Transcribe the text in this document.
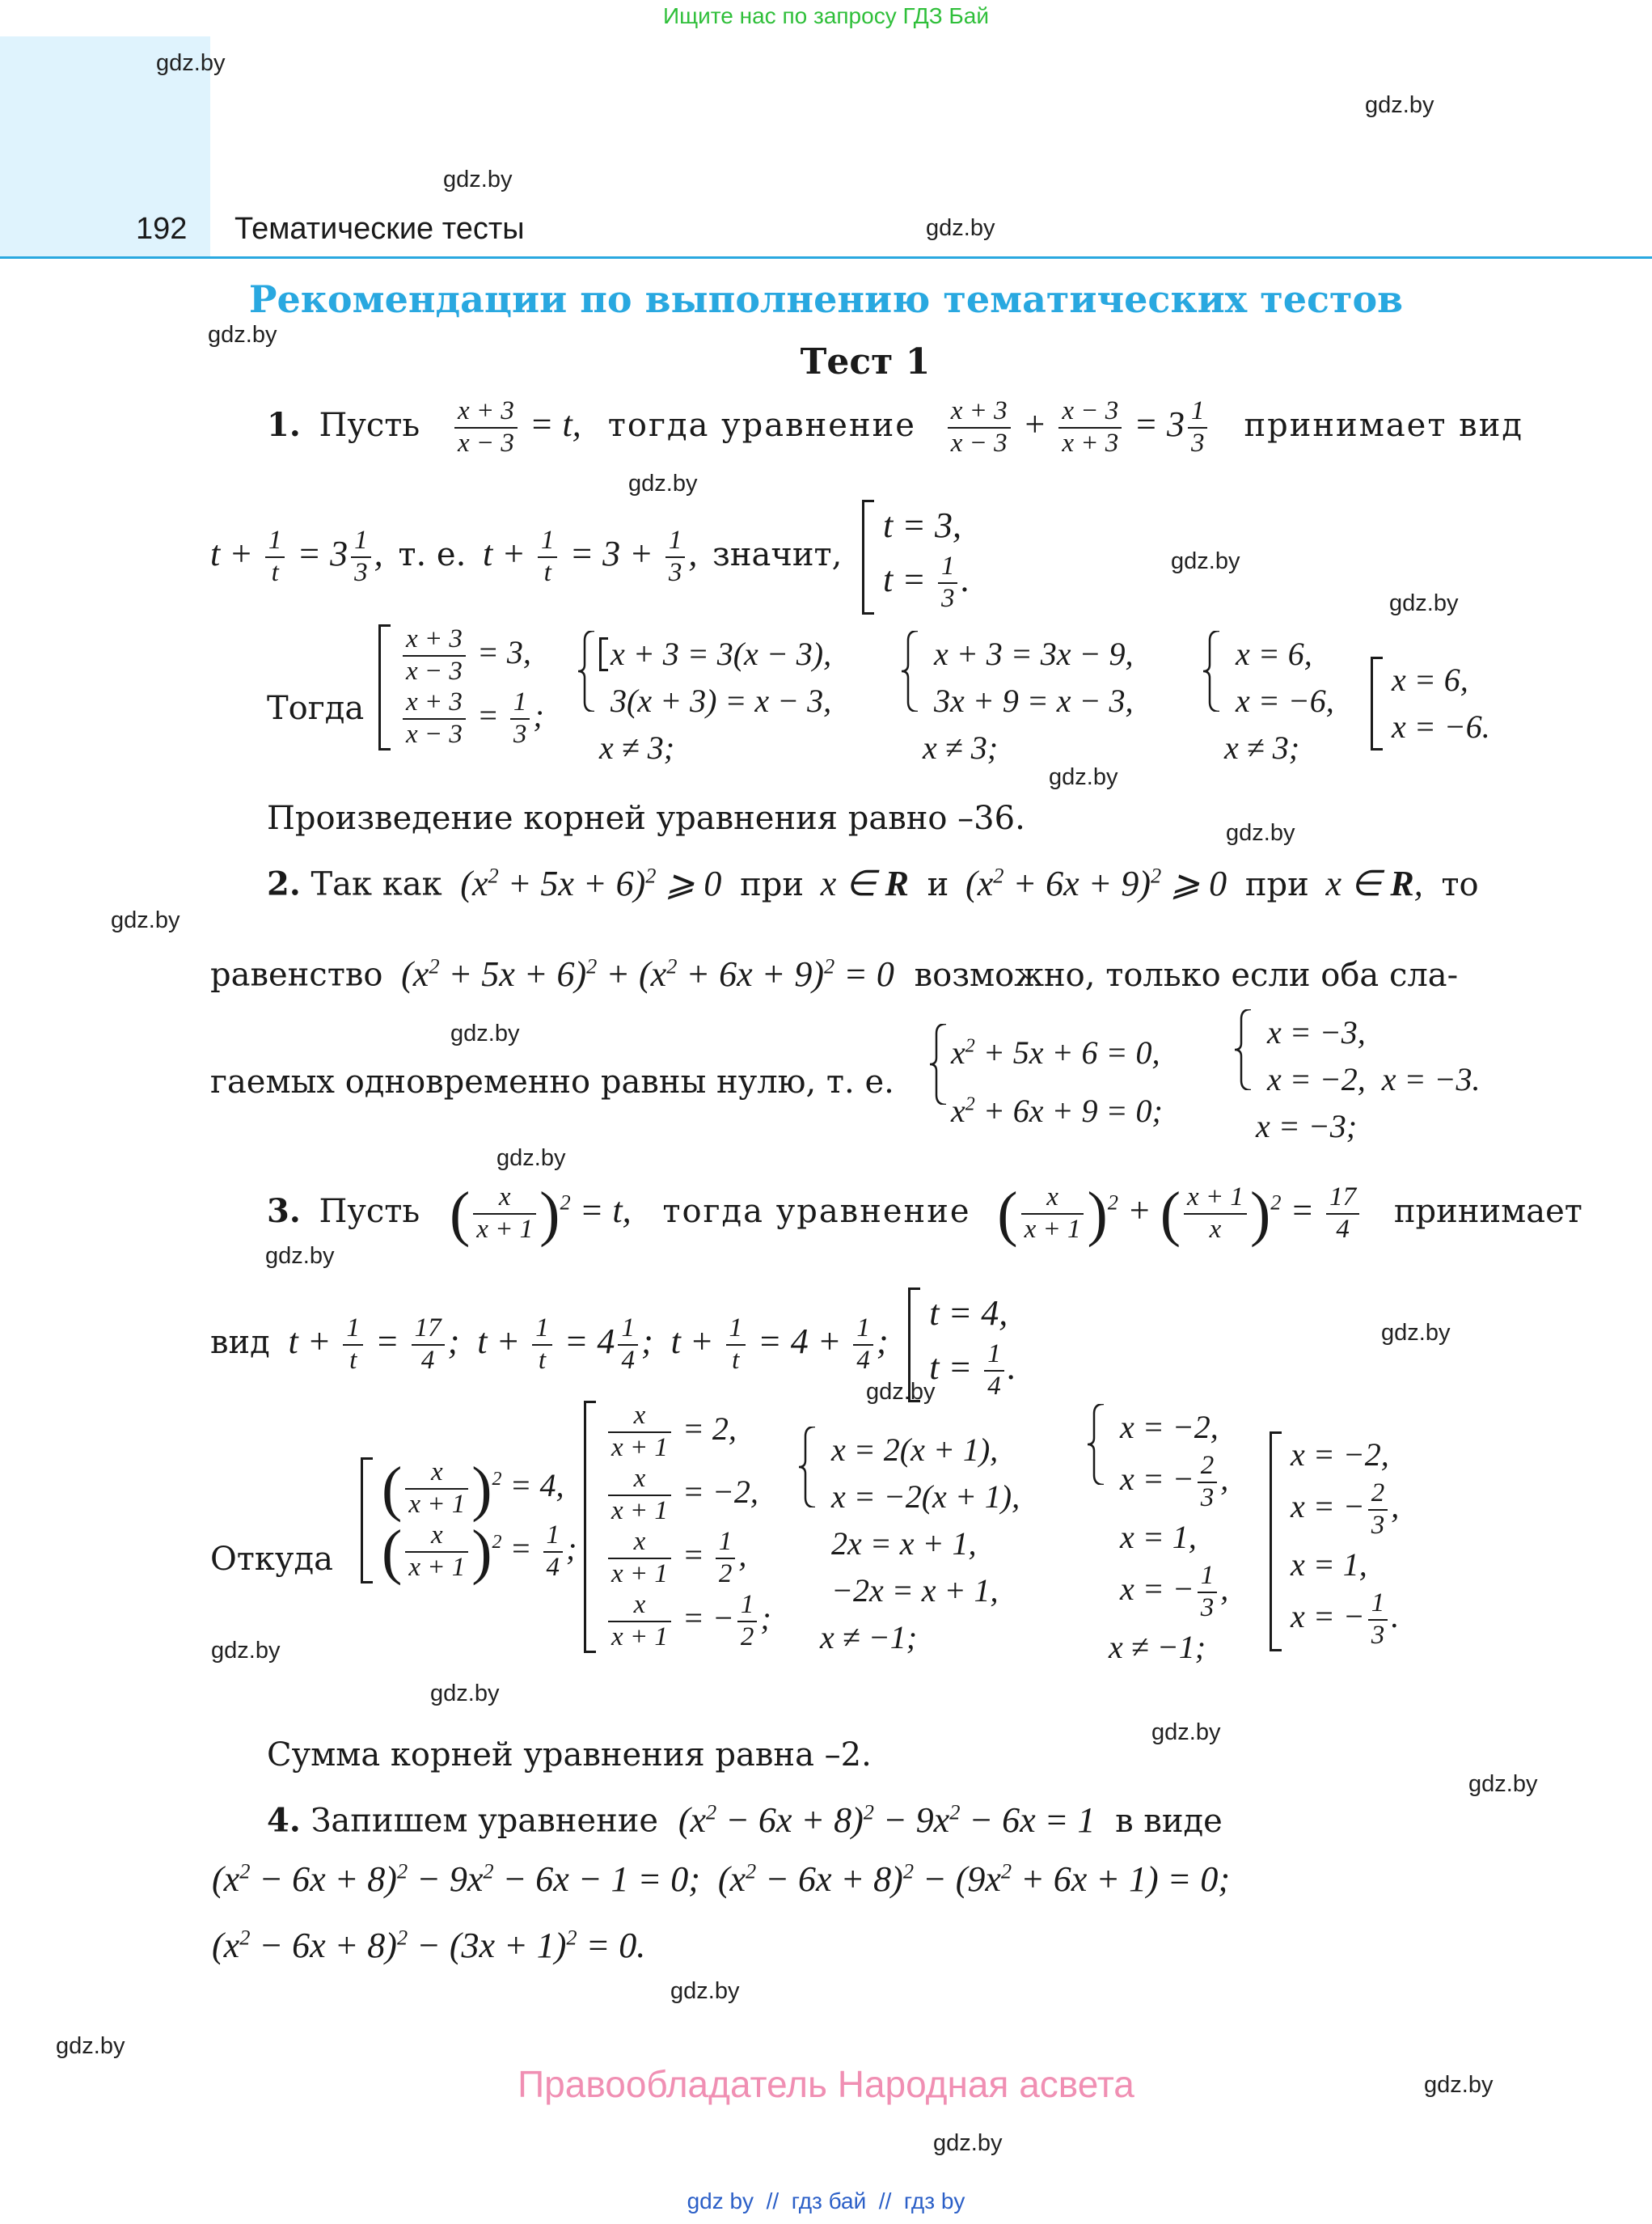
Ищите нас по запросу ГДЗ Бай
192 Тематические тесты
gdz.by
gdz.by
gdz.by
gdz.by
gdz.by
gdz.by
gdz.by
gdz.by
gdz.by
gdz.by
gdz.by
gdz.by
gdz.by
gdz.by
gdz.by
gdz.by
gdz.by
gdz.by
gdz.by
gdz.by
gdz.by
gdz.by
gdz.by
gdz.by
Рекомендации по выполнению тематических тестов
Тест 1
1. Пусть $\frac{x + 3}{x - 3} = t$, тогда уравнение $\frac{x + 3}{x - 3} + \frac{x - 3}{x + 3} = 3 \frac{1}{3}$ принимает вид
$t + \frac{1}{t} = 3 \frac{1}{3}$ , т. е. $t + \frac{1}{t} = 3 + \frac{1}{3}$ , значит,
t = 3,
$t = \frac{1}{3}$ .
Тогда
$\frac{x + 3}{x - 3} = 3$,
$\frac{x + 3}{x - 3} = \frac{1}{3}$ ;
x + 3 = 3(x − 3),
3(x + 3) = x − 3,
x ≠ 3;
x + 3 = 3x − 9,
3x + 9 = x − 3,
x ≠ 3;
x = 6,
x = −6,
x ≠ 3;
x = 6,
x = −6.
Произведение корней уравнения равно –36.
2. Так как $(x^2 + 5x + 6)^2$ ⩾ 0 при x ∈ R и $(x^2 + 6x + 9)^2$ ⩾ 0 при x ∈ R, то
равенство $(x^2 + 5x + 6)^2 + (x^2 + 6x + 9)^2 = 0$ возможно, только если оба сла-
гаемых одновременно равны нулю, т. е.
$x^2 + 5x + 6 = 0$,
$x^2 + 6x + 9 = 0$;
x = −3,
x = −2,  x = −3.
x = −3;
3. Пусть ( $\frac{x}{x + 1} )^2 = t$, тогда уравнение ( $\frac{x}{x + 1} )^2$ + ( $\frac{x + 1}{x} )^2 = \frac{17}{4}$ принимает
вид $t + \frac{1}{t} = \frac{17}{4}$ ;  $t + \frac{1}{t} = 4 \frac{1}{4}$ ;  $t + \frac{1}{t} = 4 + \frac{1}{4}$ ;
t = 4,
$t = \frac{1}{4}$ .
Откуда
( $\frac{x}{x + 1} )^2 = 4$,
( $\frac{x}{x + 1} )^2 = \frac{1}{4}$ ;
$\frac{x}{x + 1} = 2$,
$\frac{x}{x + 1} = -2$,
$\frac{x}{x + 1} = \frac{1}{2}$ ,
$\frac{x}{x + 1}$ = − $\frac{1}{2}$ ;
x = 2(x + 1),
x = −2(x + 1),
2x = x + 1,
−2x = x + 1,
x ≠ −1;
x = −2,
x = − $\frac{2}{3}$ ,
x = 1,
x = − $\frac{1}{3}$ ,
x ≠ −1;
x = −2,
x = − $\frac{2}{3}$ ,
x = 1,
x = − $\frac{1}{3}$ .
Сумма корней уравнения равна –2.
4. Запишем уравнение $(x^2 - 6x + 8)^2 - 9x^2 - 6x = 1$ в виде
$(x^2 - 6x + 8)^2 - 9x^2 - 6x - 1 = 0$;  $(x^2 - 6x + 8)^2 - (9x^2 + 6x + 1) = 0$;
$(x^2 - 6x + 8)^2 - (3x + 1)^2 = 0$.
Правообладатель Народная асвета
gdz by  //  гдз бай  //  гдз by
